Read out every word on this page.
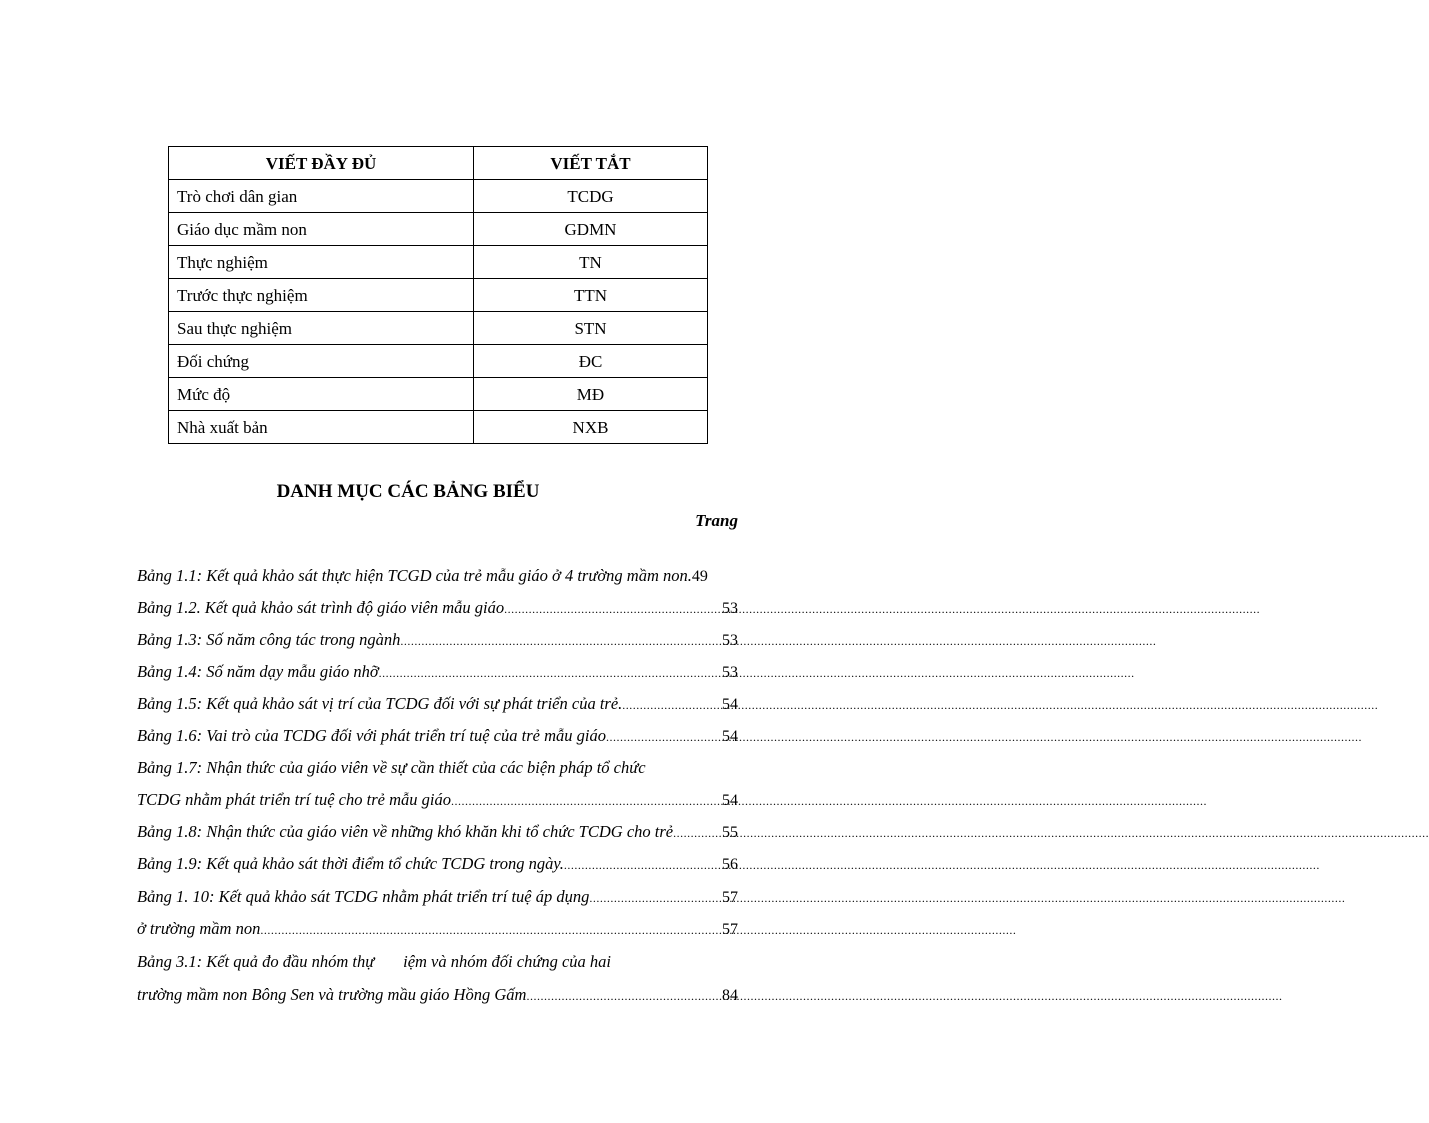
VIẾT ĐẦY ĐỦ	VIẾT TẮT
Trò chơi dân gian	TCDG
Giáo dục mầm non	GDMN
Thực nghiệm	TN
Trước thực nghiệm	TTN
Sau thực nghiệm	STN
Đối chứng	ĐC
Mức độ	MĐ
Nhà xuất bản	NXB
DANH MỤC CÁC BẢNG BIỂU
Trang
Bảng 1.1: Kết quả khảo sát thực hiện TCGD của trẻ mẫu giáo ở 4 trường mầm non. 49
Bảng 1.2. Kết quả khảo sát trình độ giáo viên mẫu giáo .....	53
Bảng 1.3: Số năm công tác trong ngành .....	53
Bảng 1.4: Số năm dạy mẫu giáo nhỡ .....	53
Bảng 1.5: Kết quả khảo sát vị trí của TCDG đối với sự phát triển của trẻ. .....	54
Bảng 1.6: Vai trò của TCDG đối với phát triển trí tuệ của trẻ mẫu giáo .....	54
Bảng 1.7: Nhận thức của giáo viên về sự cần thiết của các biện pháp tổ chức
TCDG nhằm phát triển trí tuệ cho trẻ mẫu giáo .....	54
Bảng 1.8: Nhận thức của giáo viên về những khó khăn khi tổ chức TCDG cho trẻ .....	55
Bảng 1.9: Kết quả khảo sát thời điểm tổ chức TCDG trong ngày. .....	56
Bảng 1. 10: Kết quả khảo sát TCDG nhằm phát triển trí tuệ áp dụng .....	57
ở trường mầm non .....	57
Bảng 3.1: Kết quả đo đầu nhóm thự       iệm và nhóm đối chứng của hai
trường mầm non Bông Sen và trường mầu giáo Hồng Gấm .....	84
